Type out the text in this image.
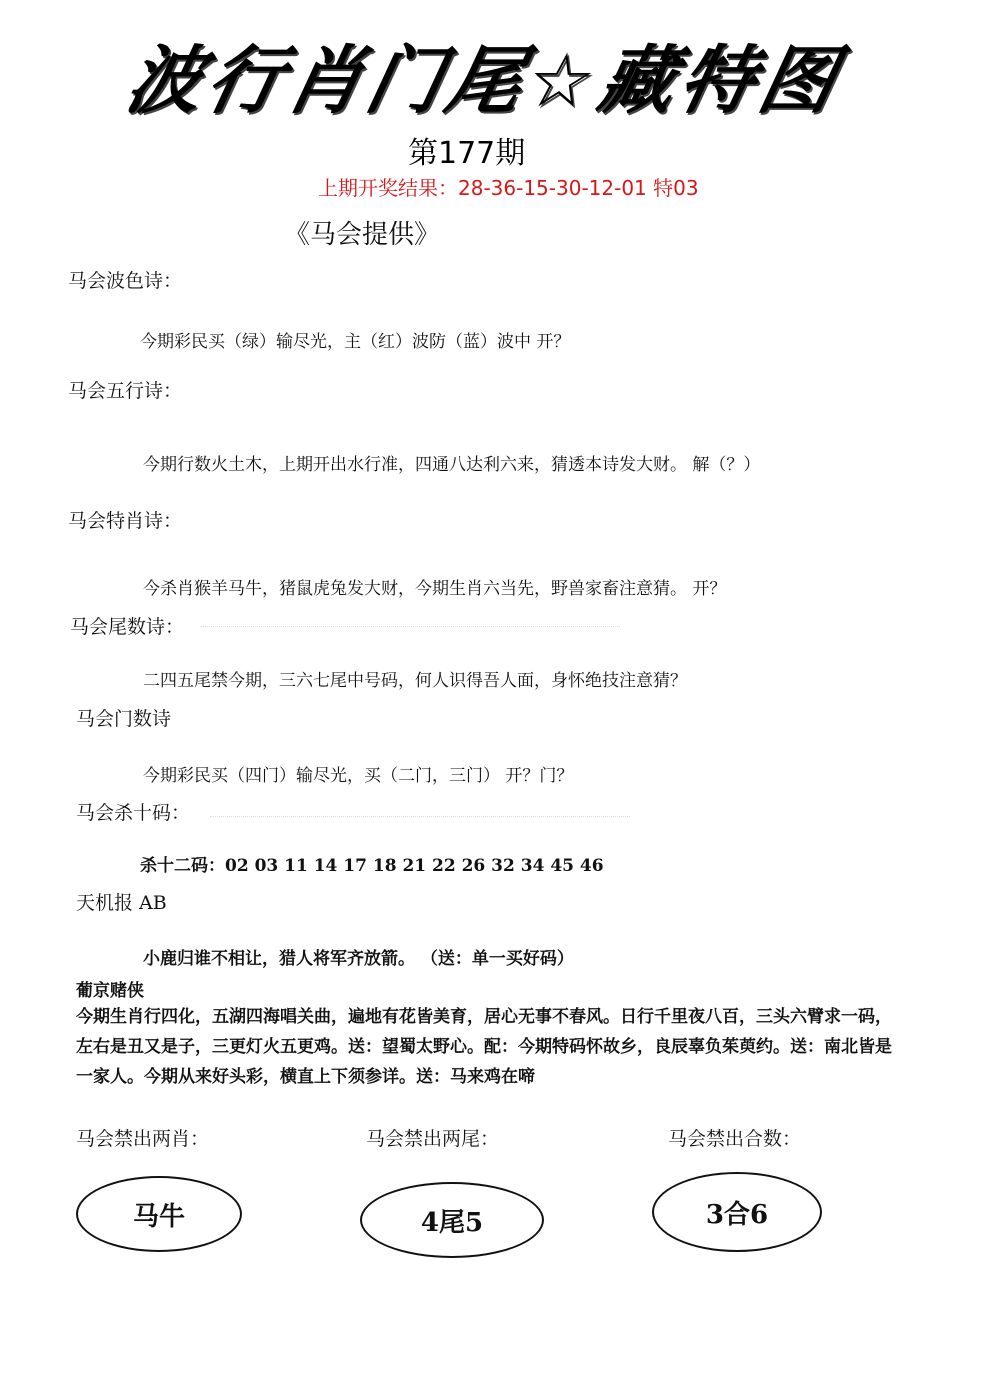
波行肖门尾☆藏特图
第177期
上期开奖结果：28-36-15-30-12-01 特03
《马会提供》
马会波色诗：
今期彩民买（绿）输尽光，主（红）波防（蓝）波中 开？
马会五行诗：
今期行数火土木，上期开出水行准，四通八达利六来，猜透本诗发大财。 解（？）
马会特肖诗：
今杀肖猴羊马牛，猪鼠虎兔发大财，今期生肖六当先，野兽家畜注意猜。 开？
马会尾数诗：
二四五尾禁今期，三六七尾中号码，何人识得吾人面，身怀绝技注意猜？
马会门数诗
今期彩民买（四门）输尽光，买（二门，三门） 开？门？
马会杀十码：
杀十二码：02 03 11 14 17 18 21 22 26 32 34 45 46
天机报 AB
小鹿归谁不相让，猎人将军齐放箭。 （送：单一买好码）
葡京赌侠
今期生肖行四化，五湖四海唱关曲，遍地有花皆美育，居心无事不春风。日行千里夜八百，三头六臂求一码，左右是丑又是子，三更灯火五更鸡。送：望蜀太野心。配：今期特码怀故乡，良辰辜负茱萸约。送：南北皆是一家人。今期从来好头彩，横直上下须参详。送：马来鸡在啼
马会禁出两肖：	马会禁出两尾：	马会禁出合数：
马牛	4尾5	3合6
